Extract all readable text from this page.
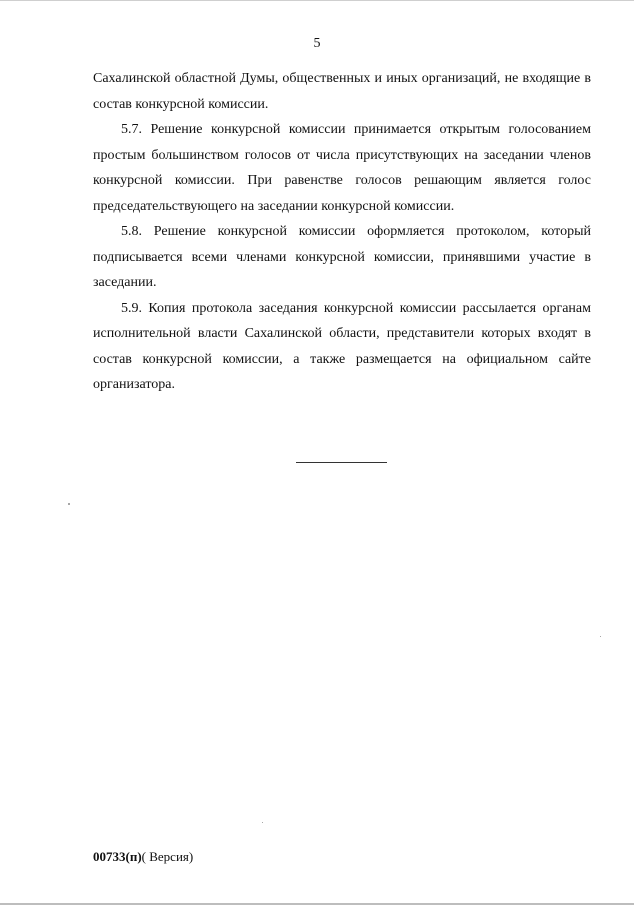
5

Сахалинской областной Думы, общественных и иных организаций, не входящие в состав конкурсной комиссии.

5.7. Решение конкурсной комиссии принимается открытым голосованием простым большинством голосов от числа присутствующих на заседании членов конкурсной комиссии. При равенстве голосов решающим является голос председательствующего на заседании конкурсной комиссии.

5.8. Решение конкурсной комиссии оформляется протоколом, который подписывается всеми членами конкурсной комиссии, принявшими участие в заседании.

5.9. Копия протокола заседания конкурсной комиссии рассылается органам исполнительной власти Сахалинской области, представители которых входят в состав конкурсной комиссии, а также размещается на официальном сайте организатора.

00733(п)( Версия)
